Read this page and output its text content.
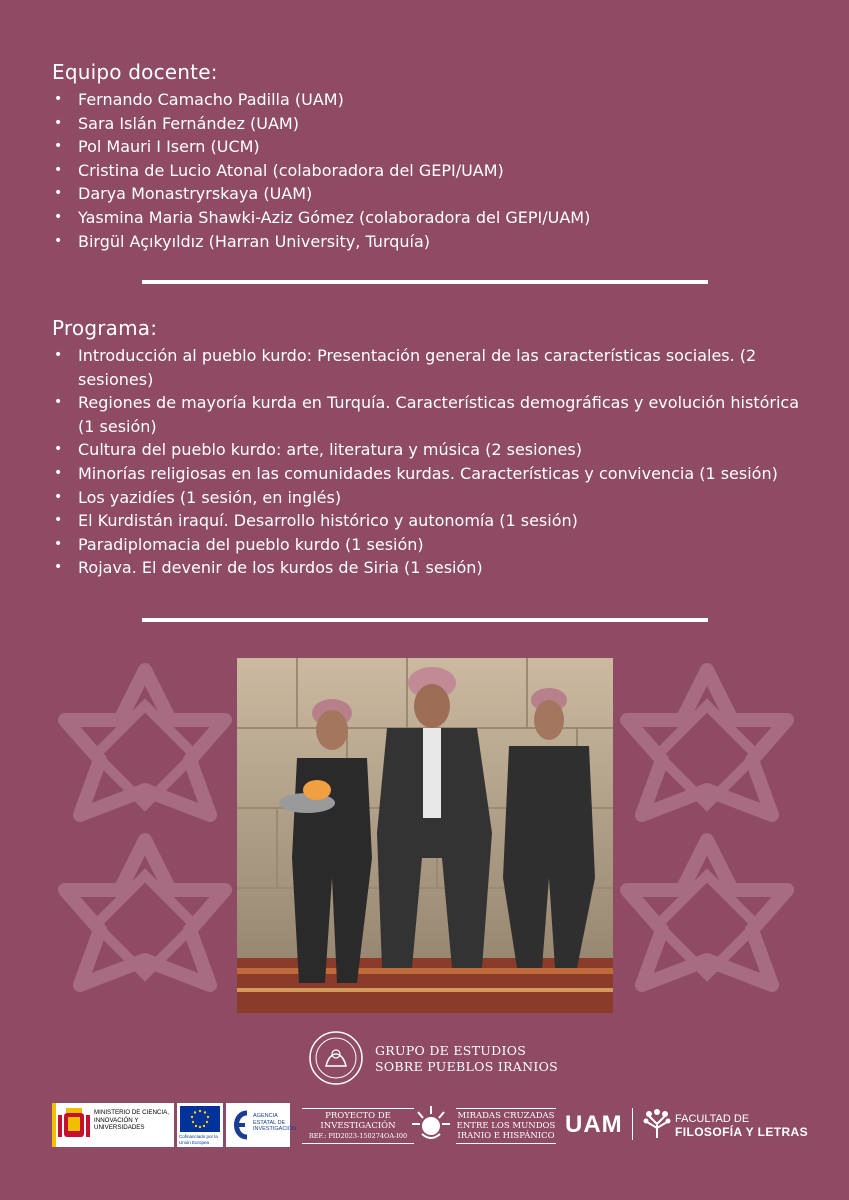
Equipo docente:
• Fernando Camacho Padilla (UAM)
• Sara Islán Fernández (UAM)
• Pol Mauri I Isern (UCM)
• Cristina de Lucio Atonal (colaboradora del GEPI/UAM)
• Darya Monastryrskaya (UAM)
• Yasmina Maria Shawki-Aziz Gómez (colaboradora del GEPI/UAM)
• Birgül Açıkyıldız (Harran University, Turquía)
Programa:
• Introducción al pueblo kurdo: Presentación general de las características sociales. (2 sesiones)
• Regiones de mayoría kurda en Turquía. Características demográficas y evolución histórica (1 sesión)
• Cultura del pueblo kurdo: arte, literatura y música (2 sesiones)
• Minorías religiosas en las comunidades kurdas. Características y convivencia (1 sesión)
• Los yazidíes (1 sesión, en inglés)
• El Kurdistán iraquí. Desarrollo histórico y autonomía (1 sesión)
• Paradiplomacia del pueblo kurdo (1 sesión)
• Rojava. El devenir de los kurdos de Siria (1 sesión)
GRUPO DE ESTUDIOS
SOBRE PUEBLOS IRANIOS
MINISTERIO DE CIENCIA, INNOVACIÓN Y UNIVERSIDADES
Cofinanciado por la Unión Europea
AGENCIA ESTATAL DE INVESTIGACIÓN
PROYECTO DE
INVESTIGACIÓN
REF.: PID2023-150274OA-I00
MIRADAS CRUZADAS
ENTRE LOS MUNDOS
IRANIO E HISPÁNICO UAM	FACULTAD DE
FILOSOFÍA Y LETRAS
